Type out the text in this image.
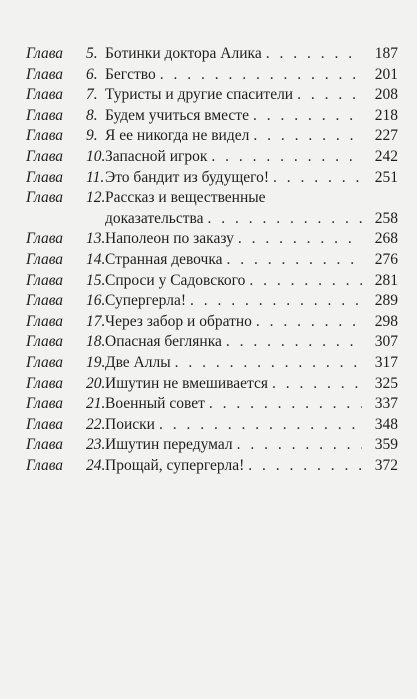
Глава	5. Ботинки доктора Алика . . .	187
Глава	6. Бегство . . .	201
Глава	7. Туристы и другие спасители . . .	208
Глава	8. Будем учиться вместе . . .	218
Глава	9. Я ее никогда не видел . . .	227
Глава	10. Запасной игрок . . .	242
Глава	11. Это бандит из будущего! . . .	251
Глава	12. Рассказ и вещественные
доказательства . . .	258
Глава	13. Наполеон по заказу . . .	268
Глава	14. Странная девочка . . .	276
Глава	15. Спроси у Садовского . . .	281
Глава	16. Супергерла! . . .	289
Глава	17. Через забор и обратно . . .	298
Глава	18. Опасная беглянка . . .	307
Глава	19. Две Аллы . . .	317
Глава	20. Ишутин не вмешивается . . .	325
Глава	21. Военный совет . . .	337
Глава	22. Поиски . . .	348
Глава	23. Ишутин передумал . . .	359
Глава	24. Прощай, супергерла! . . .	372
